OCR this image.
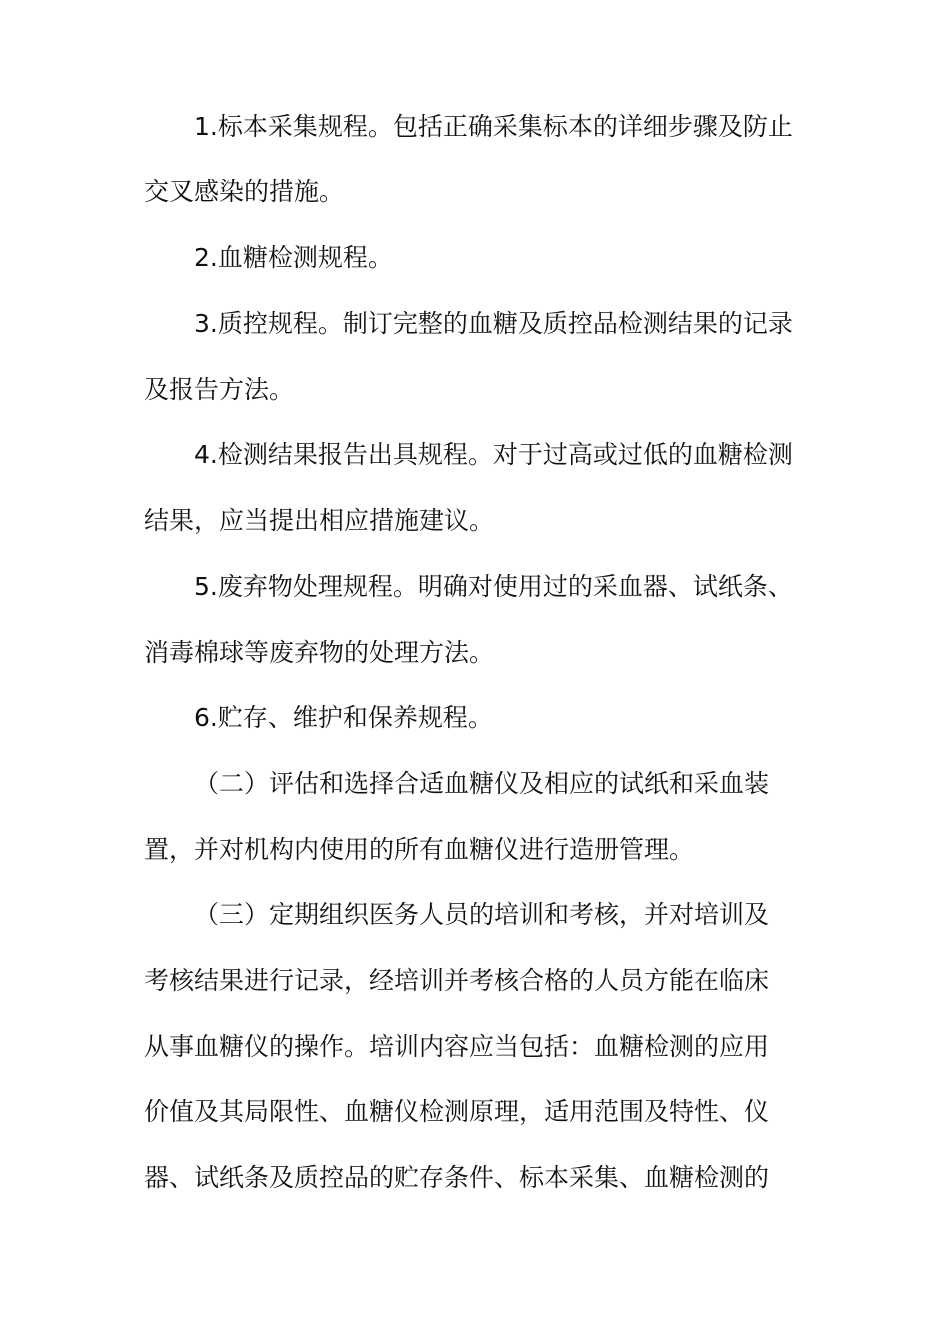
1.标本采集规程。包括正确采集标本的详细步骤及防止
交叉感染的措施。
2.血糖检测规程。
3.质控规程。制订完整的血糖及质控品检测结果的记录
及报告方法。
4.检测结果报告出具规程。对于过高或过低的血糖检测
结果，应当提出相应措施建议。
5.废弃物处理规程。明确对使用过的采血器、试纸条、
消毒棉球等废弃物的处理方法。
6.贮存、维护和保养规程。
（二）评估和选择合适血糖仪及相应的试纸和采血装
置，并对机构内使用的所有血糖仪进行造册管理。
（三）定期组织医务人员的培训和考核，并对培训及
考核结果进行记录，经培训并考核合格的人员方能在临床
从事血糖仪的操作。培训内容应当包括：血糖检测的应用
价值及其局限性、血糖仪检测原理，适用范围及特性、仪
器、试纸条及质控品的贮存条件、标本采集、血糖检测的
